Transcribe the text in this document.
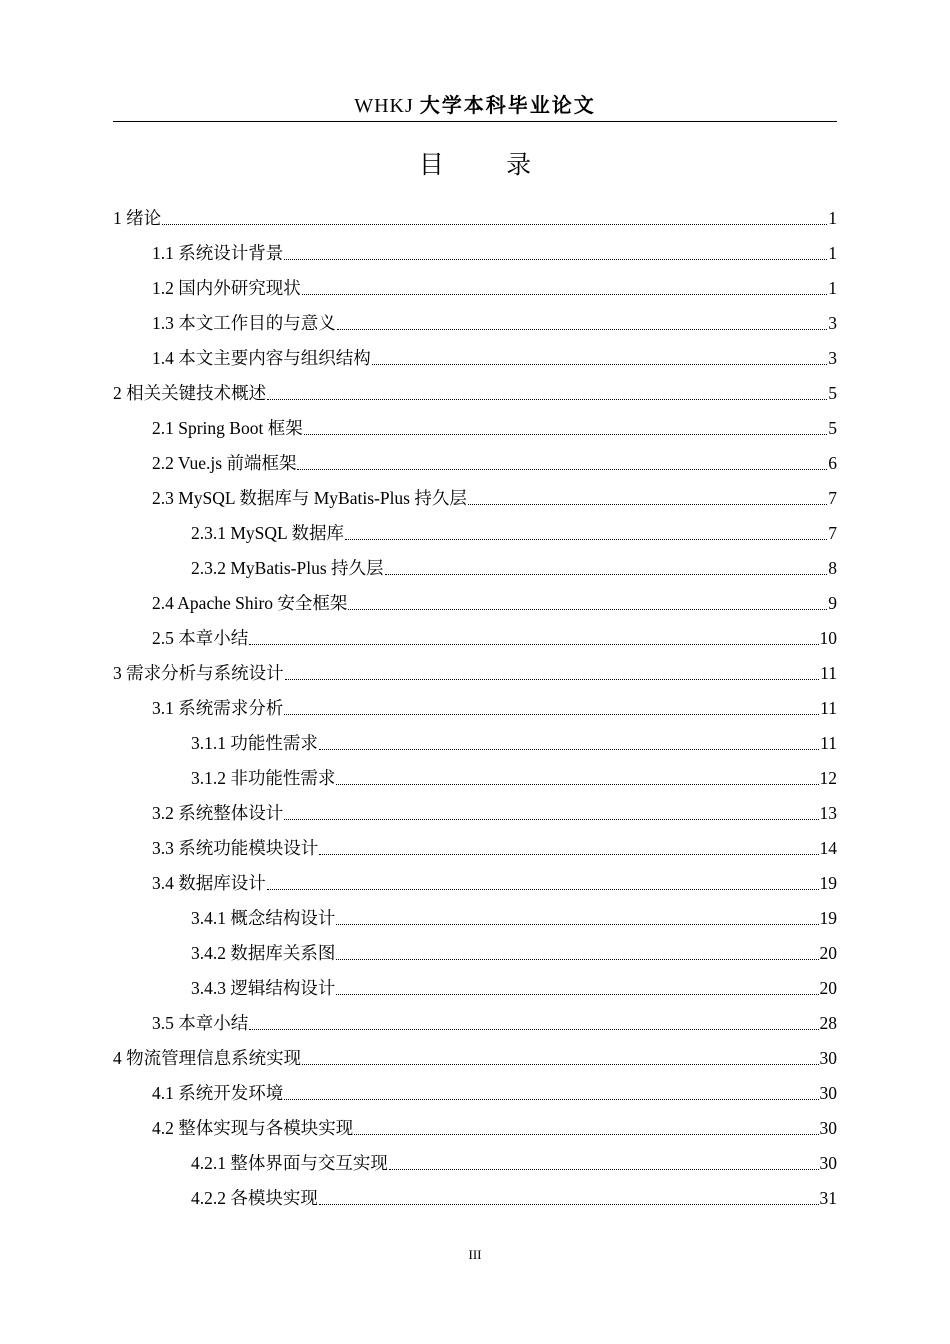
WHKJ 大学本科毕业论文
目 录
1 绪论	1
1.1 系统设计背景	1
1.2 国内外研究现状	1
1.3 本文工作目的与意义	3
1.4 本文主要内容与组织结构	3
2 相关关键技术概述	5
2.1 Spring Boot 框架	5
2.2 Vue.js 前端框架	6
2.3 MySQL 数据库与 MyBatis-Plus 持久层	7
2.3.1 MySQL 数据库	7
2.3.2 MyBatis-Plus 持久层	8
2.4 Apache Shiro 安全框架	9
2.5 本章小结	10
3 需求分析与系统设计	11
3.1 系统需求分析	11
3.1.1 功能性需求	11
3.1.2 非功能性需求	12
3.2 系统整体设计	13
3.3 系统功能模块设计	14
3.4 数据库设计	19
3.4.1 概念结构设计	19
3.4.2 数据库关系图	20
3.4.3 逻辑结构设计	20
3.5 本章小结	28
4 物流管理信息系统实现	30
4.1 系统开发环境	30
4.2 整体实现与各模块实现	30
4.2.1 整体界面与交互实现	30
4.2.2 各模块实现	31
III
